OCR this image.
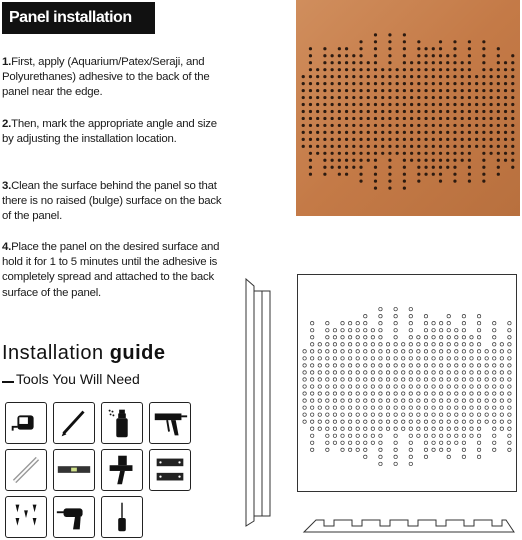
Panel installation steps
1.First, apply (Aquarium/Patex/Seraji, and Polyurethanes) adhesive to the back of the panel near the edge.
2.Then, mark the appropriate angle and size by adjusting the installation location.
3.Clean the surface behind the panel so that there is no raised (bulge) surface on the back of the panel.
4.Place the panel on the desired surface and hold it for 1 to 5 minutes until the adhesive is completely spread and attached to the back surface of the panel.
Installation guide
Tools You Will Need
